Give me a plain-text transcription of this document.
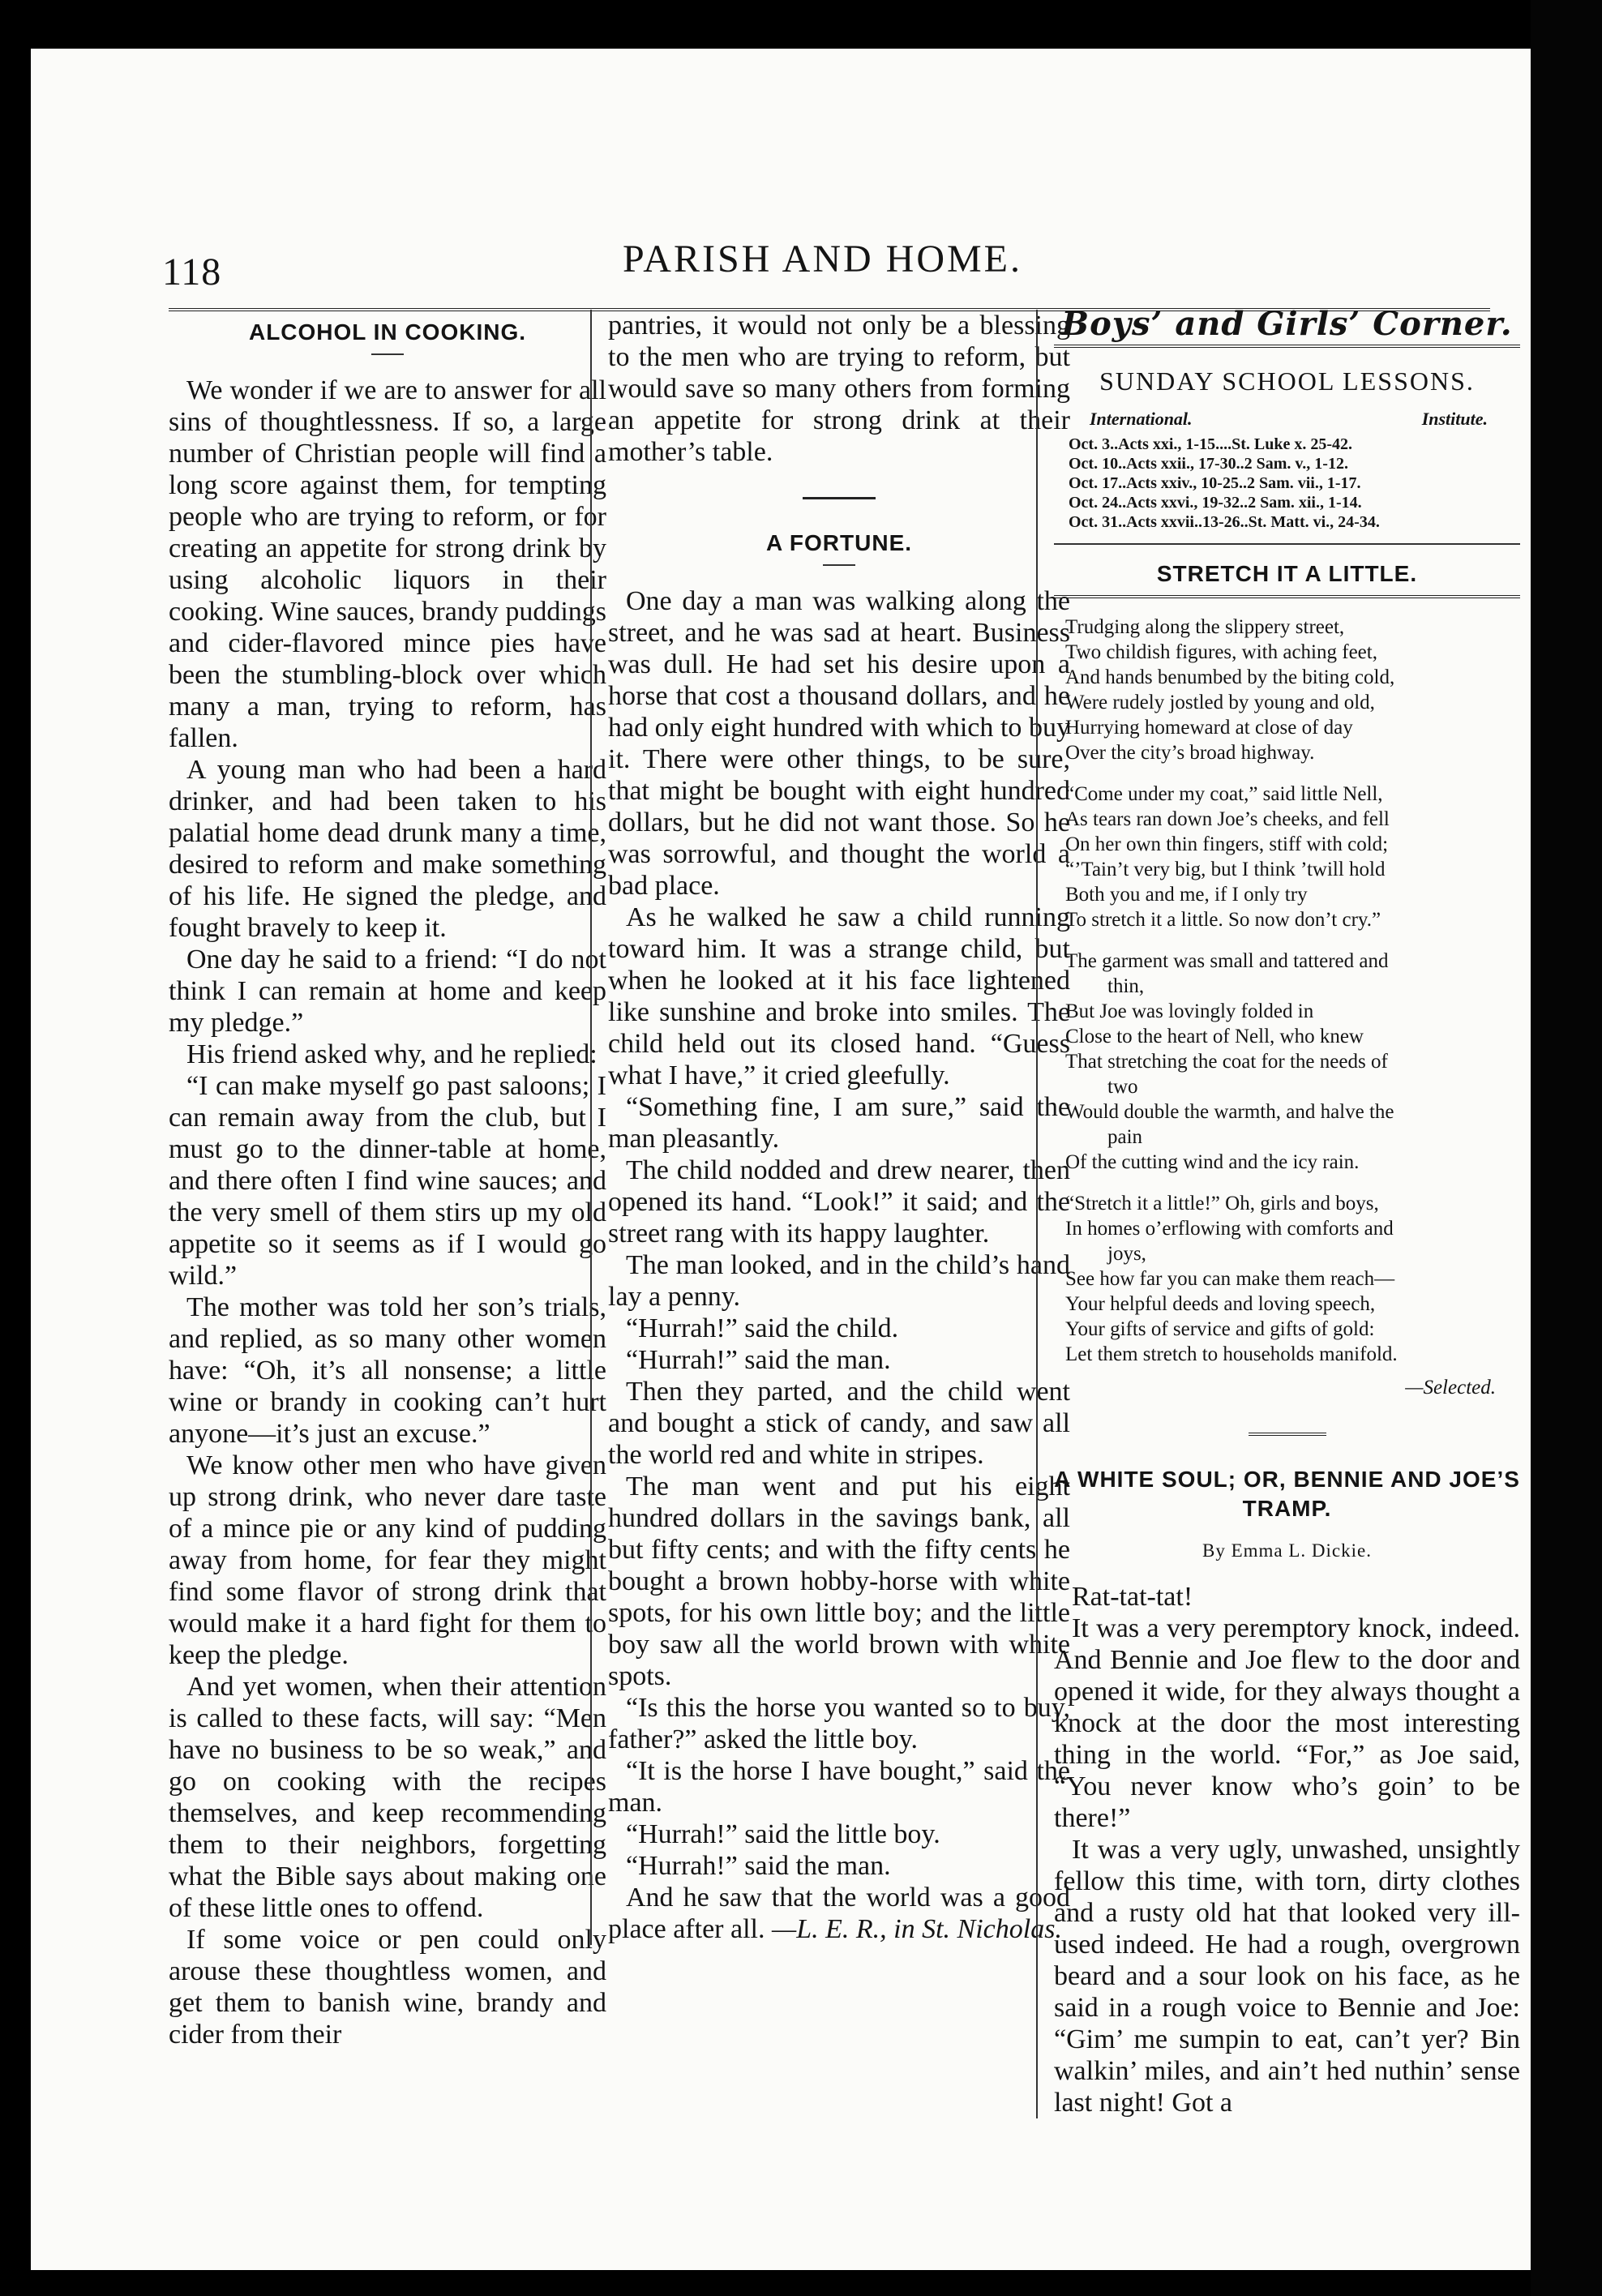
118	PARISH AND HOME.
ALCOHOL IN COOKING.

We wonder if we are to answer for all sins of thoughtlessness. If so, a large number of Christian people will find a long score against them, for tempting people who are trying to reform, or for creating an appetite for strong drink by using alcoholic liquors in their cooking. Wine sauces, brandy puddings and cider-flavored mince pies have been the stumbling-block over which many a man, trying to reform, has fallen.

A young man who had been a hard drinker, and had been taken to his palatial home dead drunk many a time, desired to reform and make something of his life. He signed the pledge, and fought bravely to keep it.

One day he said to a friend: “I do not think I can remain at home and keep my pledge.”

His friend asked why, and he replied:

“I can make myself go past saloons; I can remain away from the club, but I must go to the dinner-table at home, and there often I find wine sauces; and the very smell of them stirs up my old appetite so it seems as if I would go wild.”

The mother was told her son’s trials, and replied, as so many other women have: “Oh, it’s all nonsense; a little wine or brandy in cooking can’t hurt anyone—it’s just an excuse.”

We know other men who have given up strong drink, who never dare taste of a mince pie or any kind of pudding away from home, for fear they might find some flavor of strong drink that would make it a hard fight for them to keep the pledge.

And yet women, when their attention is called to these facts, will say: “Men have no business to be so weak,” and go on cooking with the recipes themselves, and keep recommending them to their neighbors, forgetting what the Bible says about making one of these little ones to offend.

If some voice or pen could only arouse these thoughtless women, and get them to banish wine, brandy and cider from their

pantries, it would not only be a blessing to the men who are trying to reform, but would save so many others from forming an appetite for strong drink at their mother’s table.

A FORTUNE.

One day a man was walking along the street, and he was sad at heart. Business was dull. He had set his desire upon a horse that cost a thousand dollars, and he had only eight hundred with which to buy it. There were other things, to be sure, that might be bought with eight hundred dollars, but he did not want those. So he was sorrowful, and thought the world a bad place.

As he walked he saw a child running toward him. It was a strange child, but when he looked at it his face lightened like sunshine and broke into smiles. The child held out its closed hand. “Guess what I have,” it cried gleefully.

“Something fine, I am sure,” said the man pleasantly.

The child nodded and drew nearer, then opened its hand. “Look!” it said; and the street rang with its happy laughter.

The man looked, and in the child’s hand lay a penny.

“Hurrah!” said the child.

“Hurrah!” said the man.

Then they parted, and the child went and bought a stick of candy, and saw all the world red and white in stripes.

The man went and put his eight hundred dollars in the savings bank, all but fifty cents; and with the fifty cents he bought a brown hobby-horse with white spots, for his own little boy; and the little boy saw all the world brown with white spots.

“Is this the horse you wanted so to buy, father?” asked the little boy.

“It is the horse I have bought,” said the man.

“Hurrah!” said the little boy.

“Hurrah!” said the man.

And he saw that the world was a good place after all. —L. E. R., in St. Nicholas.

Boys’ and Girls’ Corner.
SUNDAY SCHOOL LESSONS.
International.	Institute.
Oct. 3..Acts xxi., 1-15....St. Luke x. 25-42.
Oct. 10..Acts xxii., 17-30..2 Sam. v., 1-12.
Oct. 17..Acts xxiv., 10-25..2 Sam. vii., 1-17.
Oct. 24..Acts xxvi., 19-32..2 Sam. xii., 1-14.
Oct. 31..Acts xxvii..13-26..St. Matt. vi., 24-34.
STRETCH IT A LITTLE.
Trudging along the slippery street,
Two childish figures, with aching feet,
And hands benumbed by the biting cold,
Were rudely jostled by young and old,
Hurrying homeward at close of day
Over the city’s broad highway.
“Come under my coat,” said little Nell,
As tears ran down Joe’s cheeks, and fell
On her own thin fingers, stiff with cold;
“’Tain’t very big, but I think ’twill hold
Both you and me, if I only try
To stretch it a little. So now don’t cry.”
The garment was small and tattered and
thin,
But Joe was lovingly folded in
Close to the heart of Nell, who knew
That stretching the coat for the needs of
two
Would double the warmth, and halve the
pain
Of the cutting wind and the icy rain.
“Stretch it a little!” Oh, girls and boys,
In homes o’erflowing with comforts and
joys,
See how far you can make them reach—
Your helpful deeds and loving speech,
Your gifts of service and gifts of gold:
Let them stretch to households manifold.
—Selected.
A WHITE SOUL; OR, BENNIE AND JOE’S TRAMP.
By Emma L. Dickie.

Rat-tat-tat!

It was a very peremptory knock, indeed. And Bennie and Joe flew to the door and opened it wide, for they always thought a knock at the door the most interesting thing in the world. “For,” as Joe said, “You never know who’s goin’ to be there!”

It was a very ugly, unwashed, unsightly fellow this time, with torn, dirty clothes and a rusty old hat that looked very ill-used indeed. He had a rough, overgrown beard and a sour look on his face, as he said in a rough voice to Bennie and Joe: “Gim’ me sumpin to eat, can’t yer? Bin walkin’ miles, and ain’t hed nuthin’ sense last night! Got a
